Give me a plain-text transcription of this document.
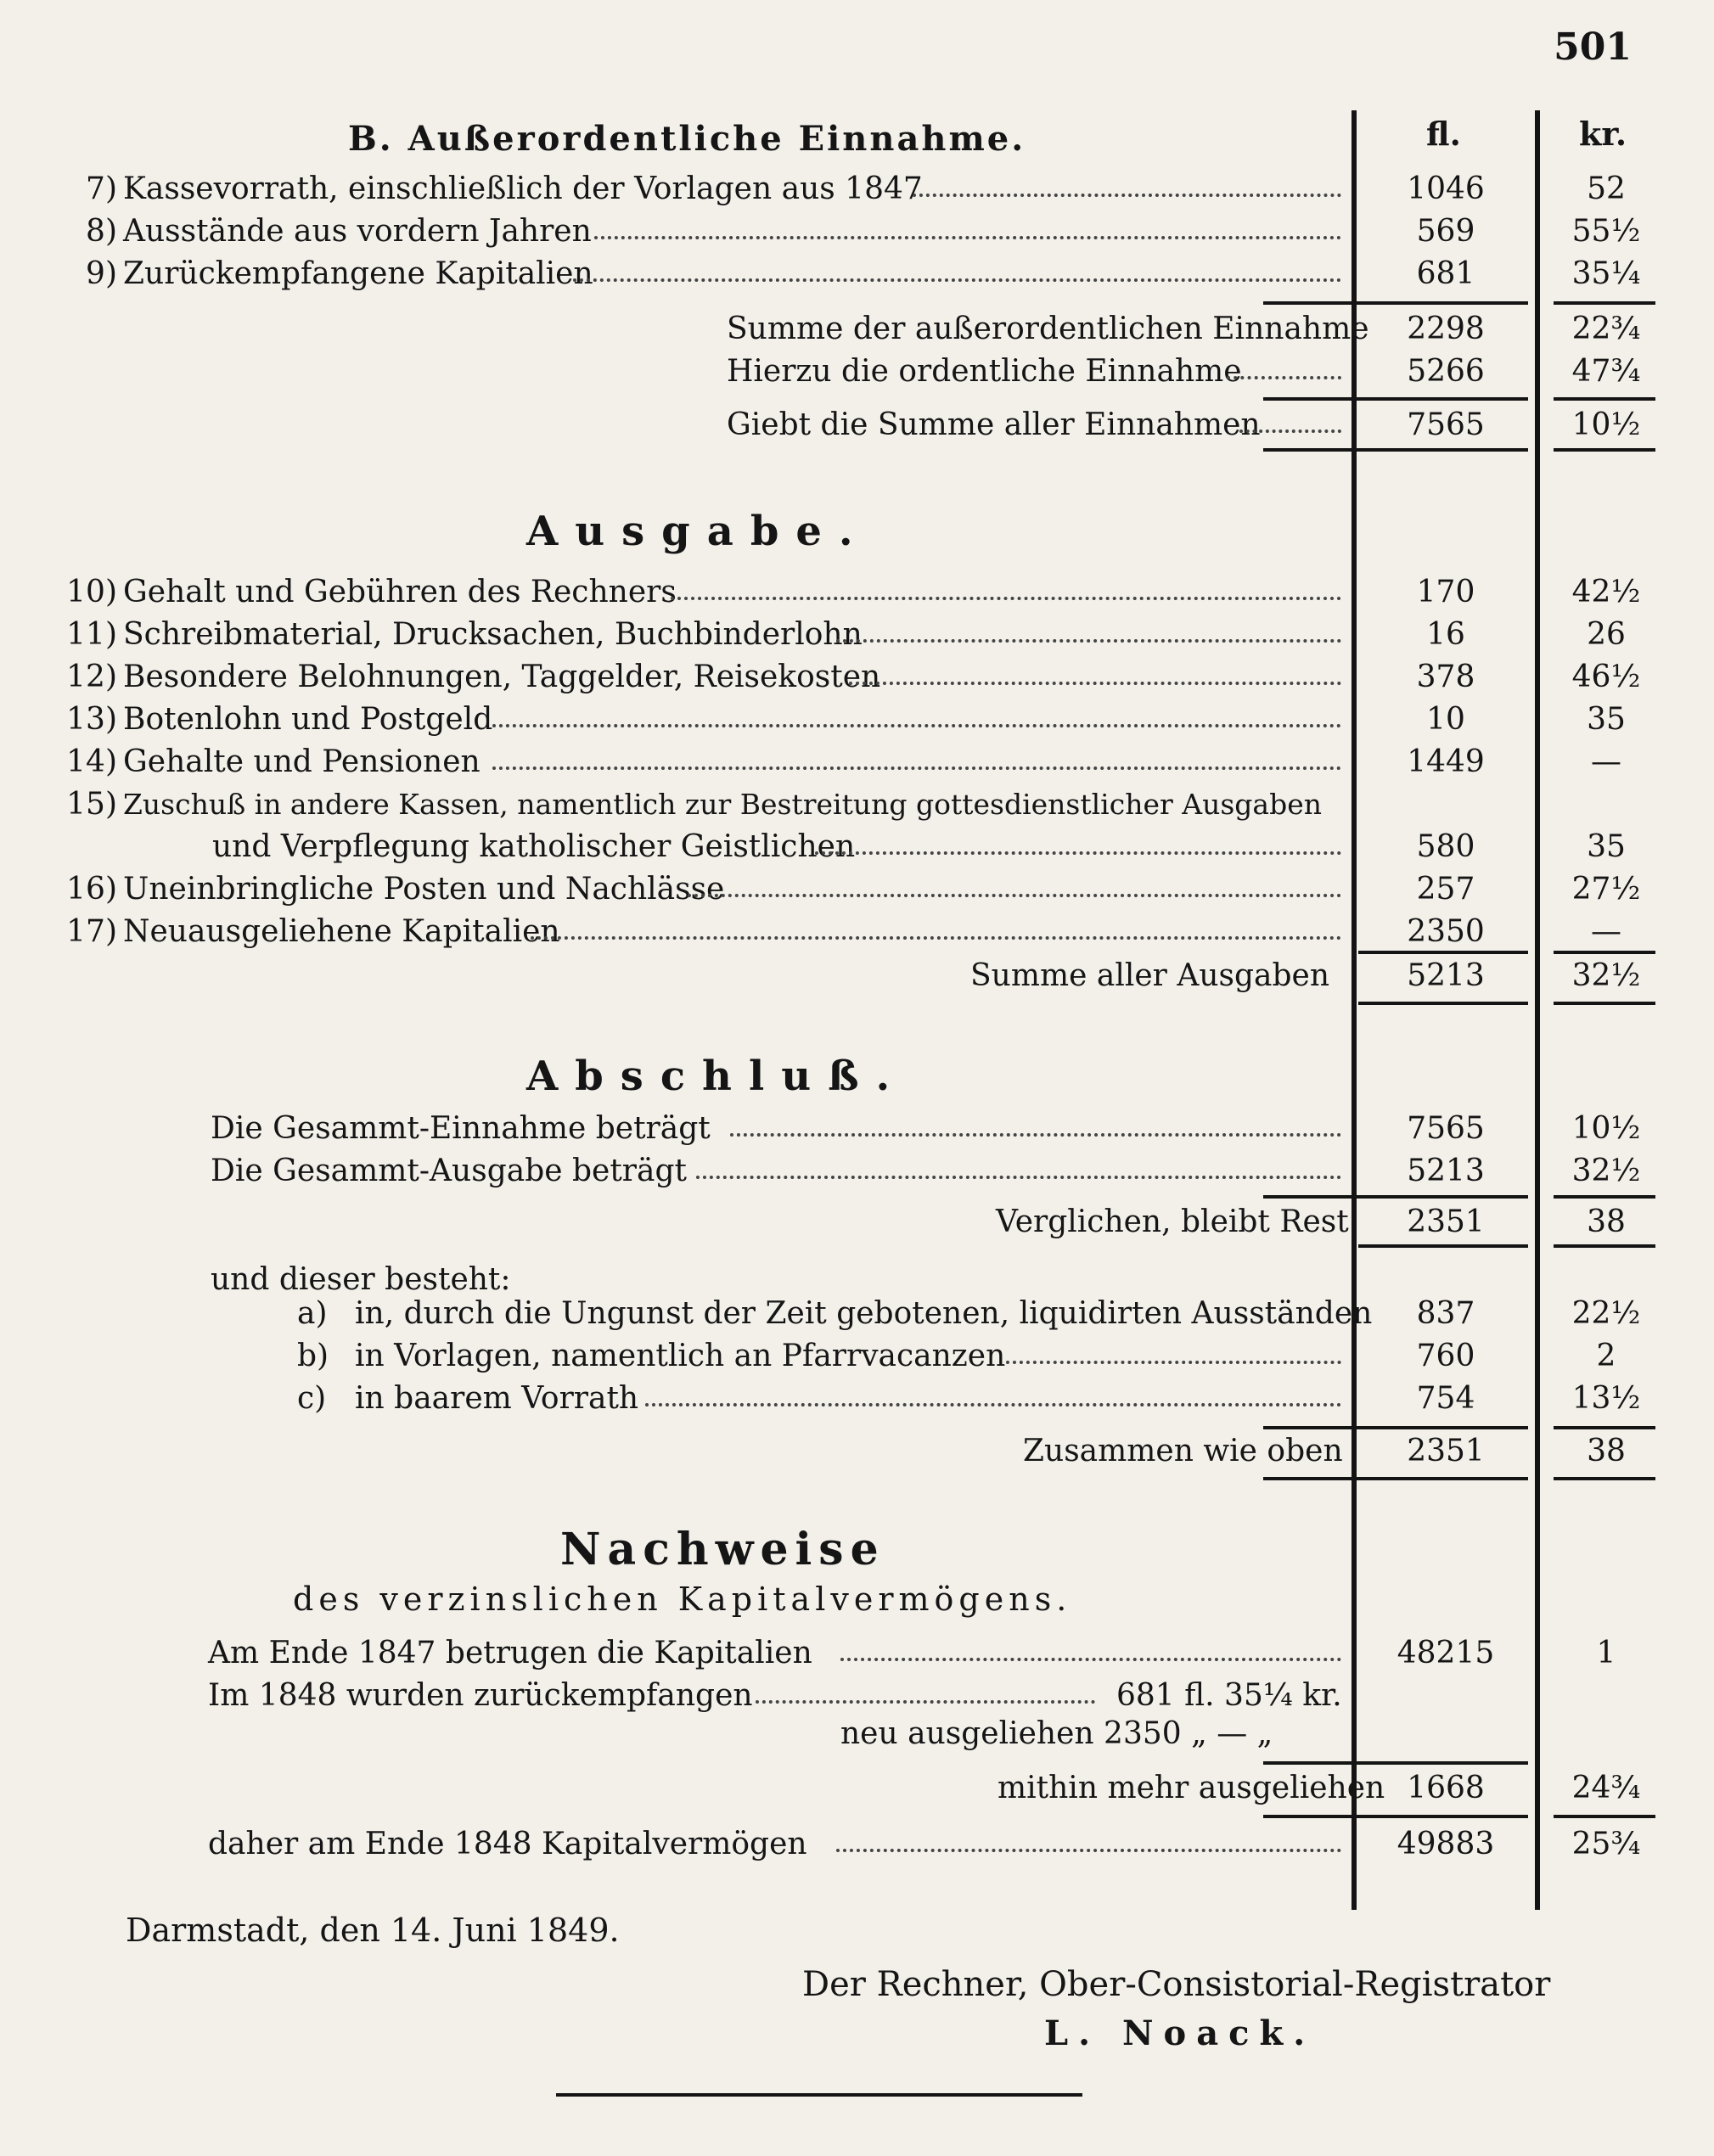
501
fl.	kr.
B. Außerordentliche Einnahme.
7) Kassevorrath, einschließlich der Vorlagen aus 1847	1046	52
8) Ausstände aus vordern Jahren	569	55½
9) Zurückempfangene Kapitalien	681	35¼
Summe der außerordentlichen Einnahme	2298	22¾
Hierzu die ordentliche Einnahme	5266	47¾
Giebt die Summe aller Einnahmen	7565	10½
Ausgabe.
10) Gehalt und Gebühren des Rechners	170	42½
11) Schreibmaterial, Drucksachen, Buchbinderlohn	16	26
12) Besondere Belohnungen, Taggelder, Reisekosten	378	46½
13) Botenlohn und Postgeld	10	35
14) Gehalte und Pensionen	1449	—
15) Zuschuß in andere Kassen, namentlich zur Bestreitung gottesdienstlicher Ausgaben
und Verpflegung katholischer Geistlichen	580	35
16) Uneinbringliche Posten und Nachlässe	257	27½
17) Neuausgeliehene Kapitalien	2350	—
Summe aller Ausgaben	5213	32½
Abschluß.
Die Gesammt-Einnahme beträgt	7565	10½
Die Gesammt-Ausgabe beträgt	5213	32½
Verglichen, bleibt Rest	2351	38
und dieser besteht:
a) in, durch die Ungunst der Zeit gebotenen, liquidirten Ausständen	837	22½
b) in Vorlagen, namentlich an Pfarrvacanzen	760	2
c) in baarem Vorrath	754	13½
Zusammen wie oben	2351	38
Nachweise
des verzinslichen Kapitalvermögens.
Am Ende 1847 betrugen die Kapitalien	48215	1
Im 1848 wurden zurückempfangen	681 fl. 35¼ kr.
neu ausgeliehen 2350 „ — „
mithin mehr ausgeliehen 1668	24¾
daher am Ende 1848 Kapitalvermögen	49883	25¾
Darmstadt, den 14. Juni 1849.
Der Rechner, Ober-Consistorial-Registrator
L. Noack.
